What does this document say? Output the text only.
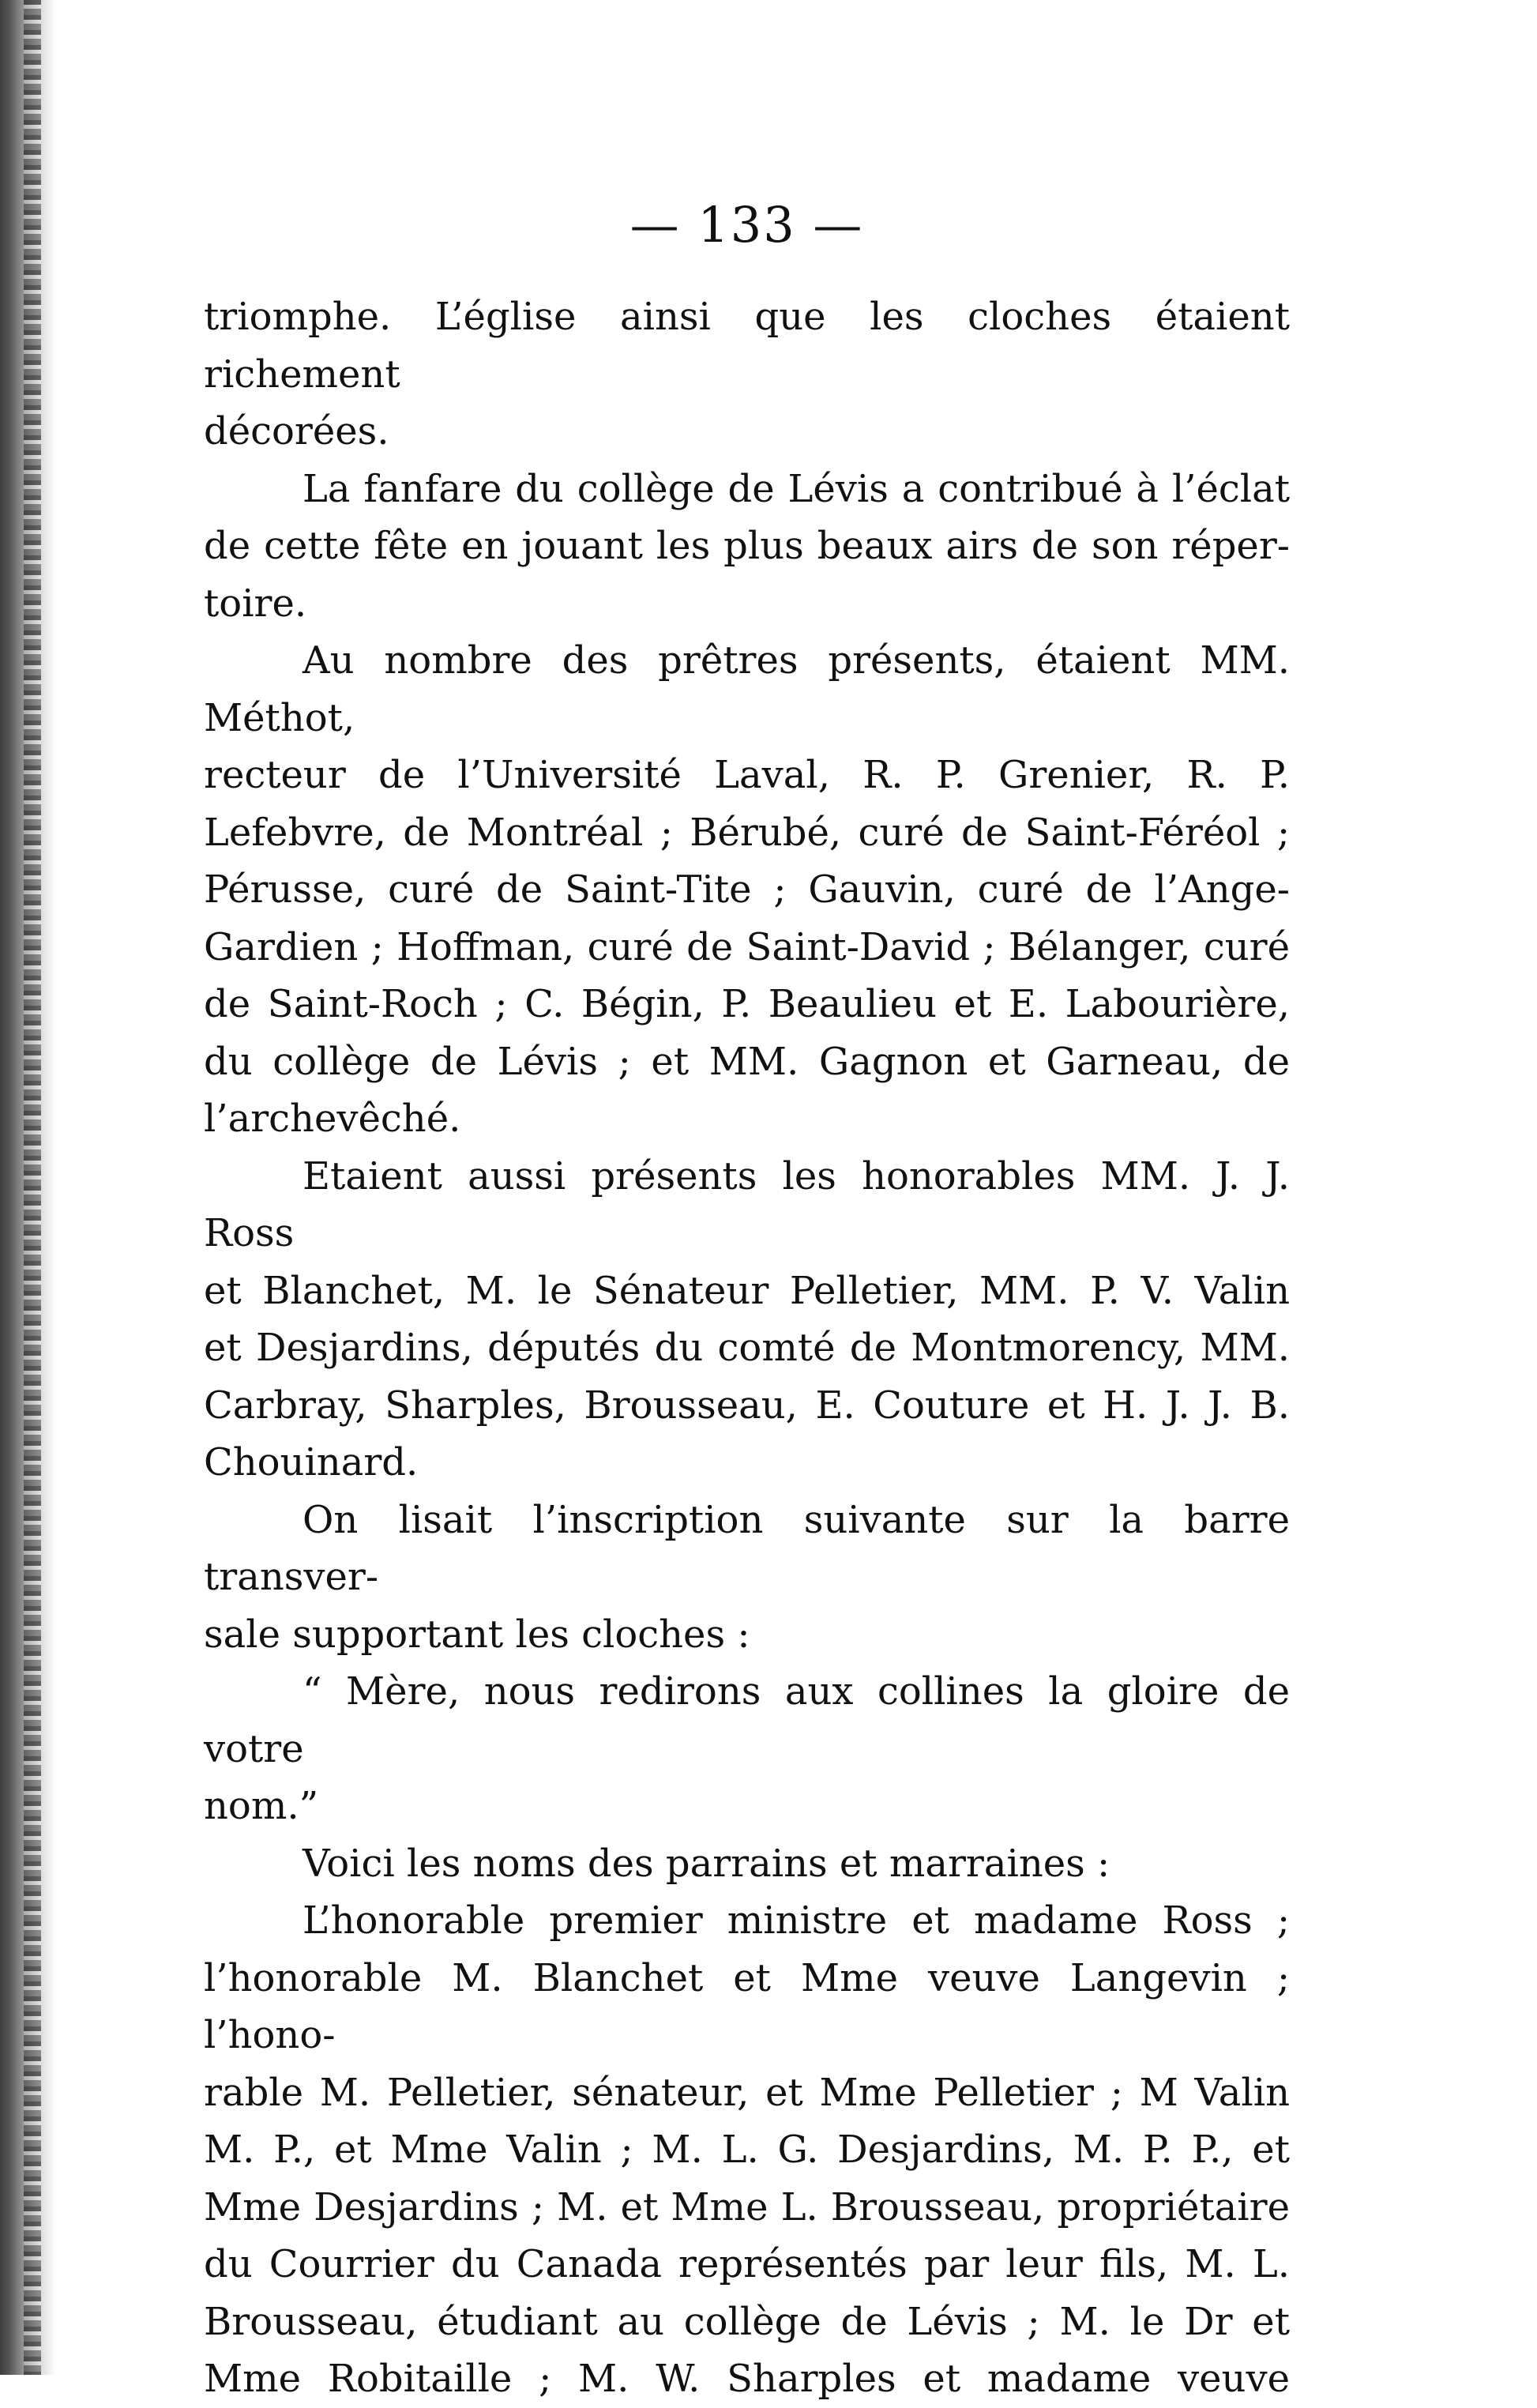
— 133 —
triomphe. L’église ainsi que les cloches étaient richement
décorées.
La fanfare du collège de Lévis a contribué à l’éclat
de cette fête en jouant les plus beaux airs de son réper-
toire.
Au nombre des prêtres présents, étaient MM. Méthot,
recteur de l’Université Laval, R. P. Grenier, R. P.
Lefebvre, de Montréal ; Bérubé, curé de Saint-Féréol ;
Pérusse, curé de Saint-Tite ; Gauvin, curé de l’Ange-
Gardien ; Hoffman, curé de Saint-David ; Bélanger, curé
de Saint-Roch ; C. Bégin, P. Beaulieu et E. Labourière,
du collège de Lévis ; et MM. Gagnon et Garneau, de
l’archevêché.
Etaient aussi présents les honorables MM. J. J. Ross
et Blanchet, M. le Sénateur Pelletier, MM. P. V. Valin
et Desjardins, députés du comté de Montmorency, MM.
Carbray, Sharples, Brousseau, E. Couture et H. J. J. B.
Chouinard.
On lisait l’inscription suivante sur la barre transver-
sale supportant les cloches :
“ Mère, nous redirons aux collines la gloire de votre
nom.”
Voici les noms des parrains et marraines :
L’honorable premier ministre et madame Ross ;
l’honorable M. Blanchet et Mme veuve Langevin ; l’hono-
rable M. Pelletier, sénateur, et Mme Pelletier ; M Valin
M. P., et Mme Valin ; M. L. G. Desjardins, M. P. P., et
Mme Desjardins ; M. et Mme L. Brousseau, propriétaire
du Courrier du Canada représentés par leur fils, M. L.
Brousseau, étudiant au collège de Lévis ; M. le Dr et
Mme Robitaille ; M. W. Sharples et madame veuve
